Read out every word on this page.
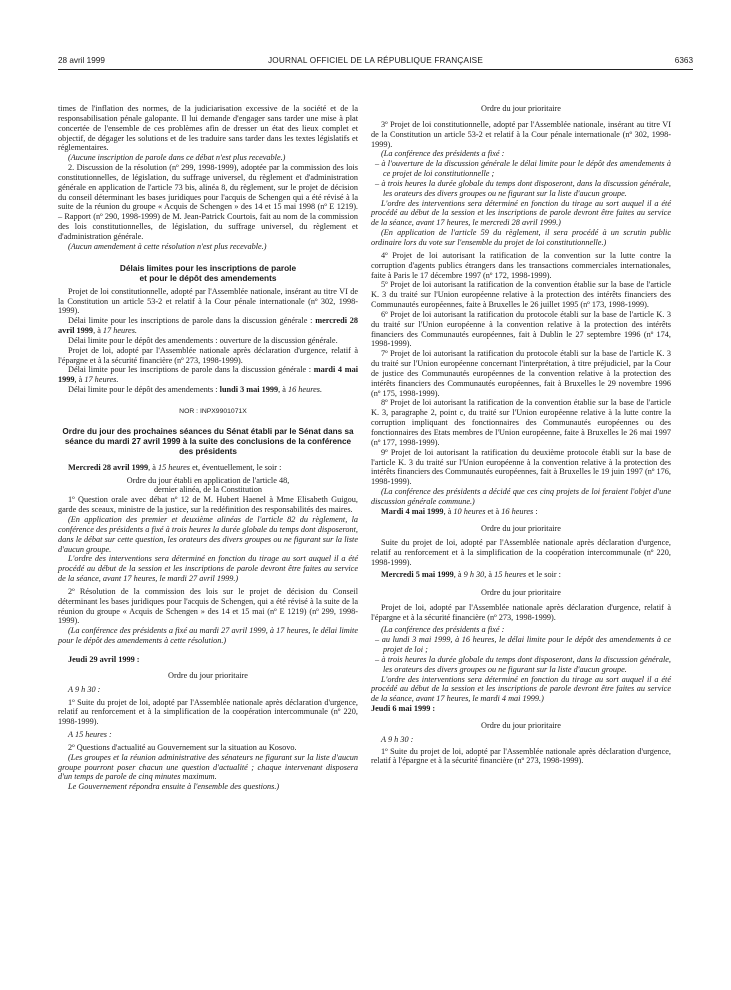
28 avril 1999	JOURNAL OFFICIEL DE LA RÉPUBLIQUE FRANÇAISE	6363

times de l'inflation des normes, de la judiciarisation excessive de la société et de la responsabilisation pénale galopante. Il lui demande d'engager sans tarder une mise à plat concertée de l'ensemble de ces problèmes afin de dresser un état des lieux complet et objectif, de dégager les solutions et de les traduire sans tarder dans les textes législatifs et réglementaires.

(Aucune inscription de parole dans ce débat n'est plus recevable.)

2. Discussion de la résolution (nº 299, 1998-1999), adoptée par la commission des lois constitutionnelles, de législation, du suffrage universel, du règlement et d'administration générale en application de l'article 73 bis, alinéa 8, du règlement, sur le projet de décision du conseil déterminant les bases juridiques pour l'acquis de Schengen qui a été révisé à la suite de la réunion du groupe « Acquis de Schengen » des 14 et 15 mai 1998 (nº E 1219). – Rapport (nº 290, 1998-1999) de M. Jean-Patrick Courtois, fait au nom de la commission des lois constitutionnelles, de législation, du suffrage universel, du règlement et d'administration générale.

(Aucun amendement à cette résolution n'est plus recevable.)

Délais limites pour les inscriptions de parole
et pour le dépôt des amendements

Projet de loi constitutionnelle, adopté par l'Assemblée nationale, insérant au titre VI de la Constitution un article 53-2 et relatif à la Cour pénale internationale (nº 302, 1998-1999).

Délai limite pour les inscriptions de parole dans la discussion générale : mercredi 28 avril 1999, à 17 heures.

Délai limite pour le dépôt des amendements : ouverture de la discussion générale.

Projet de loi, adopté par l'Assemblée nationale après déclaration d'urgence, relatif à l'épargne et à la sécurité financière (nº 273, 1998-1999).

Délai limite pour les inscriptions de parole dans la discussion générale : mardi 4 mai 1999, à 17 heures.

Délai limite pour le dépôt des amendements : lundi 3 mai 1999, à 16 heures.

NOR : INPX9901071X

Ordre du jour des prochaines séances du Sénat établi par le Sénat dans sa séance du mardi 27 avril 1999 à la suite des conclusions de la conférence des présidents

Mercredi 28 avril 1999, à 15 heures et, éventuellement, le soir :

Ordre du jour établi en application de l'article 48,
dernier alinéa, de la Constitution

1º Question orale avec débat nº 12 de M. Hubert Haenel à Mme Elisabeth Guigou, garde des sceaux, ministre de la justice, sur la redéfinition des responsabilités des maires.

(En application des premier et deuxième alinéas de l'article 82 du règlement, la conférence des présidents a fixé à trois heures la durée globale du temps dont disposeront, dans le débat sur cette question, les orateurs des divers groupes ou ne figurant sur la liste d'aucun groupe.

L'ordre des interventions sera déterminé en fonction du tirage au sort auquel il a été procédé au début de la session et les inscriptions de parole devront être faites au service de la séance, avant 17 heures, le mardi 27 avril 1999.)

2º Résolution de la commission des lois sur le projet de décision du Conseil déterminant les bases juridiques pour l'acquis de Schengen, qui a été révisé à la suite de la réunion du groupe « Acquis de Schengen » des 14 et 15 mai (nº E 1219) (nº 299, 1998-1999).

(La conférence des présidents a fixé au mardi 27 avril 1999, à 17 heures, le délai limite pour le dépôt des amendements à cette résolution.)

Jeudi 29 avril 1999 :

Ordre du jour prioritaire

A 9 h 30 :

1º Suite du projet de loi, adopté par l'Assemblée nationale après déclaration d'urgence, relatif au renforcement et à la simplification de la coopération intercommunale (nº 220, 1998-1999).

A 15 heures :

2º Questions d'actualité au Gouvernement sur la situation au Kosovo.

(Les groupes et la réunion administrative des sénateurs ne figurant sur la liste d'aucun groupe pourront poser chacun une question d'actualité ; chaque intervenant disposera d'un temps de parole de cinq minutes maximum.

Le Gouvernement répondra ensuite à l'ensemble des questions.)

Ordre du jour prioritaire

3º Projet de loi constitutionnelle, adopté par l'Assemblée nationale, insérant au titre VI de la Constitution un article 53-2 et relatif à la Cour pénale internationale (nº 302, 1998-1999).

(La conférence des présidents a fixé :

– à l'ouverture de la discussion générale le délai limite pour le dépôt des amendements à ce projet de loi constitutionnelle ;

– à trois heures la durée globale du temps dont disposeront, dans la discussion générale, les orateurs des divers groupes ou ne figurant sur la liste d'aucun groupe.

L'ordre des interventions sera déterminé en fonction du tirage au sort auquel il a été procédé au début de la session et les inscriptions de parole devront être faites au service de la séance, avant 17 heures, le mercredi 28 avril 1999.)

(En application de l'article 59 du règlement, il sera procédé à un scrutin public ordinaire lors du vote sur l'ensemble du projet de loi constitutionnelle.)

4º Projet de loi autorisant la ratification de la convention sur la lutte contre la corruption d'agents publics étrangers dans les transactions commerciales internationales, faite à Paris le 17 décembre 1997 (nº 172, 1998-1999).

5º Projet de loi autorisant la ratification de la convention établie sur la base de l'article K. 3 du traité sur l'Union européenne relative à la protection des intérêts financiers des Communautés européennes, faite à Bruxelles le 26 juillet 1995 (nº 173, 1998-1999).

6º Projet de loi autorisant la ratification du protocole établi sur la base de l'article K. 3 du traité sur l'Union européenne à la convention relative à la protection des intérêts financiers des Communautés européennes, fait à Dublin le 27 septembre 1996 (nº 174, 1998-1999).

7º Projet de loi autorisant la ratification du protocole établi sur la base de l'article K. 3 du traité sur l'Union européenne concernant l'interprétation, à titre préjudiciel, par la Cour de justice des Communautés européennes de la convention relative à la protection des intérêts financiers des Communautés européennes, fait à Bruxelles le 29 novembre 1996 (nº 175, 1998-1999).

8º Projet de loi autorisant la ratification de la convention établie sur la base de l'article K. 3, paragraphe 2, point c, du traité sur l'Union européenne relative à la lutte contre la corruption impliquant des fonctionnaires des Communautés européennes ou des fonctionnaires des Etats membres de l'Union européenne, faite à Bruxelles le 26 mai 1997 (nº 177, 1998-1999).

9º Projet de loi autorisant la ratification du deuxième protocole établi sur la base de l'article K. 3 du traité sur l'Union européenne à la convention relative à la protection des intérêts financiers des Communautés européennes, fait à Bruxelles le 19 juin 1997 (nº 176, 1998-1999).

(La conférence des présidents a décidé que ces cinq projets de loi feraient l'objet d'une discussion générale commune.)

Mardi 4 mai 1999, à 10 heures et à 16 heures :

Ordre du jour prioritaire

Suite du projet de loi, adopté par l'Assemblée nationale après déclaration d'urgence, relatif au renforcement et à la simplification de la coopération intercommunale (nº 220, 1998-1999).

Mercredi 5 mai 1999, à 9 h 30, à 15 heures et le soir :

Ordre du jour prioritaire

Projet de loi, adopté par l'Assemblée nationale après déclaration d'urgence, relatif à l'épargne et à la sécurité financière (nº 273, 1998-1999).

(La conférence des présidents a fixé :

– au lundi 3 mai 1999, à 16 heures, le délai limite pour le dépôt des amendements à ce projet de loi ;

– à trois heures la durée globale du temps dont disposeront, dans la discussion générale, les orateurs des divers groupes ou ne figurant sur la liste d'aucun groupe.

L'ordre des interventions sera déterminé en fonction du tirage au sort auquel il a été procédé au début de la session et les inscriptions de parole devront être faites au service de la séance, avant 17 heures, le mardi 4 mai 1999.)

Jeudi 6 mai 1999 :

Ordre du jour prioritaire

A 9 h 30 :

1º Suite du projet de loi, adopté par l'Assemblée nationale après déclaration d'urgence, relatif à l'épargne et à la sécurité financière (nº 273, 1998-1999).
